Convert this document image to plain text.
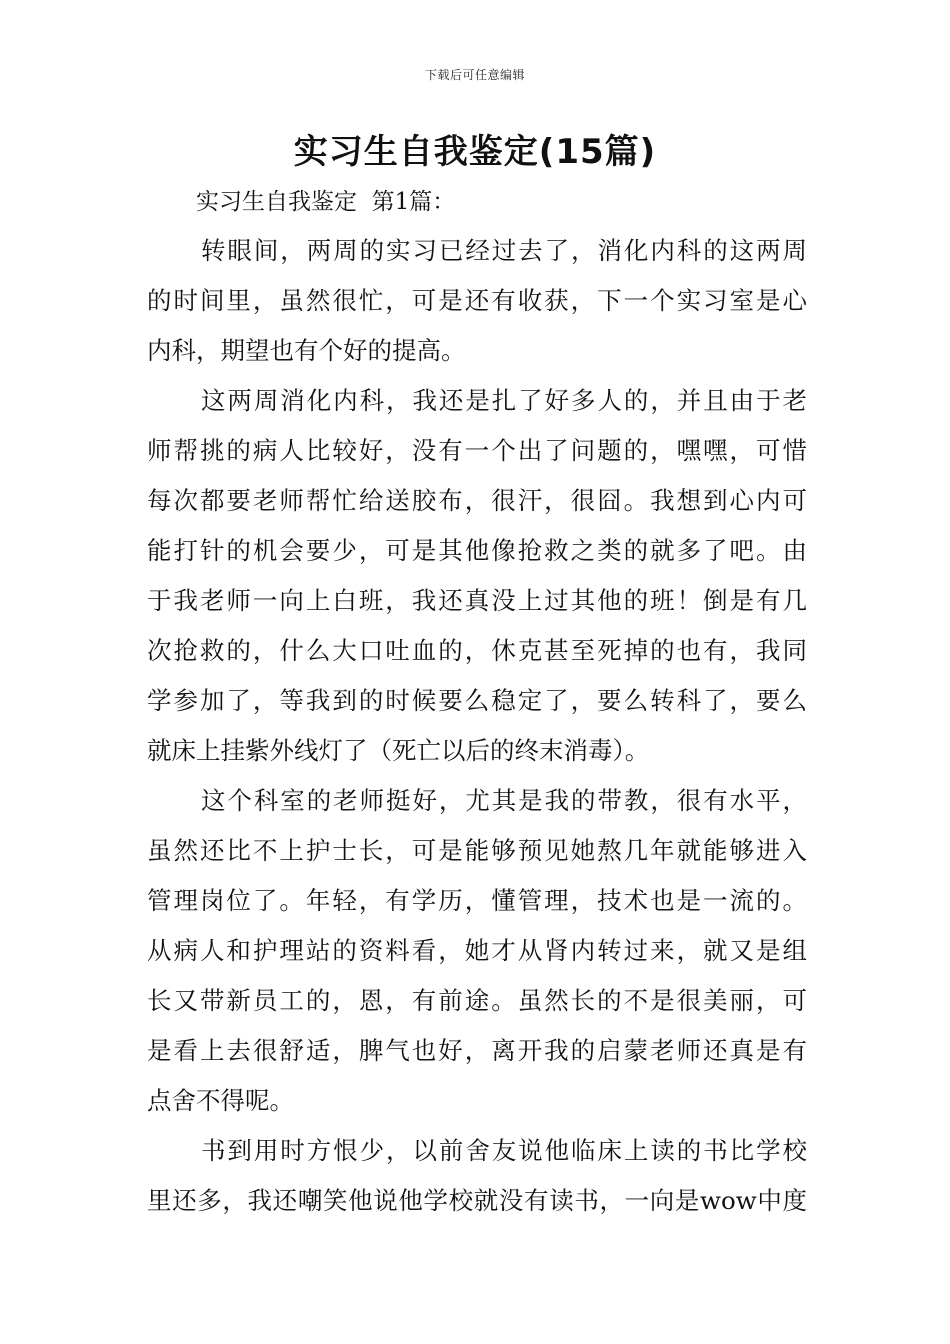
下载后可任意编辑
实习生自我鉴定(15篇)
实习生自我鉴定  第1篇：
转眼间，两周的实习已经过去了，消化内科的这两周
的时间里，虽然很忙，可是还有收获，下一个实习室是心
内科，期望也有个好的提高。
这两周消化内科，我还是扎了好多人的，并且由于老
师帮挑的病人比较好，没有一个出了问题的，嘿嘿，可惜
每次都要老师帮忙给送胶布，很汗，很囧。我想到心内可
能打针的机会要少，可是其他像抢救之类的就多了吧。由
于我老师一向上白班，我还真没上过其他的班！倒是有几
次抢救的，什么大口吐血的，休克甚至死掉的也有，我同
学参加了，等我到的时候要么稳定了，要么转科了，要么
就床上挂紫外线灯了（死亡以后的终末消毒）。
这个科室的老师挺好，尤其是我的带教，很有水平，
虽然还比不上护士长，可是能够预见她熬几年就能够进入
管理岗位了。年轻，有学历，懂管理，技术也是一流的。
从病人和护理站的资料看，她才从肾内转过来，就又是组
长又带新员工的，恩，有前途。虽然长的不是很美丽，可
是看上去很舒适，脾气也好，离开我的启蒙老师还真是有
点舍不得呢。
书到用时方恨少，以前舍友说他临床上读的书比学校
里还多，我还嘲笑他说他学校就没有读书，一向是wow中度
